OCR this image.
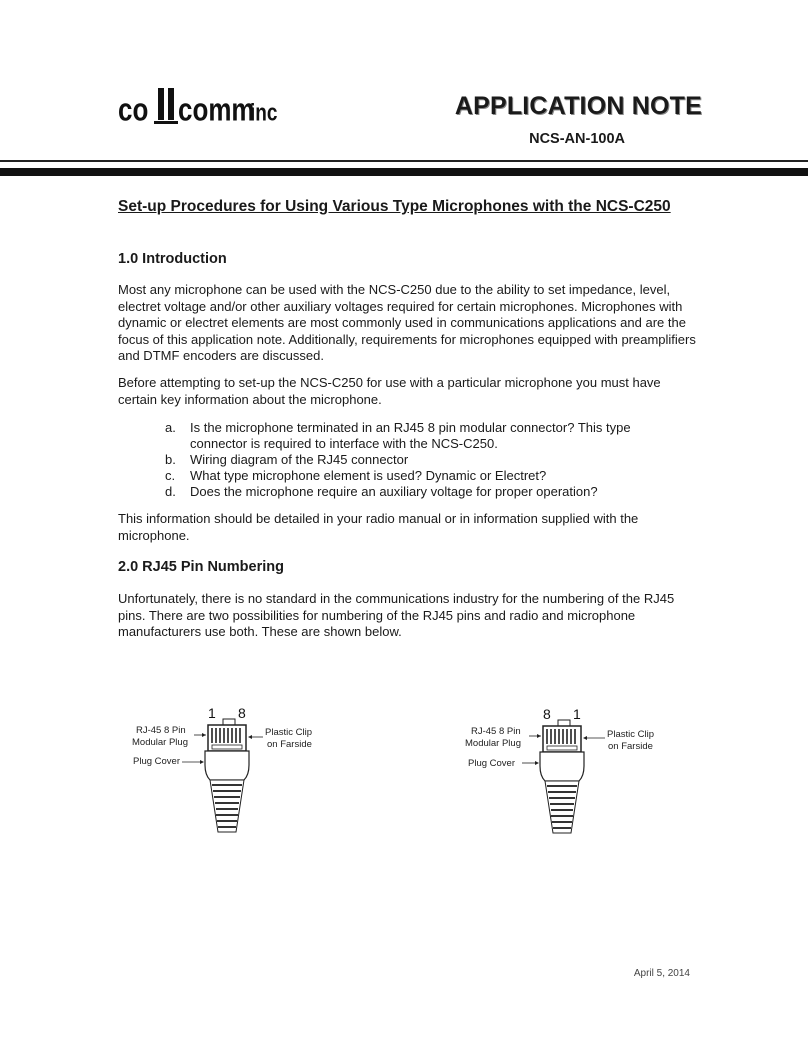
co comm
inc	APPLICATION NOTE
NCS-AN-100A
Set-up Procedures for Using Various Type Microphones with the NCS-C250
1.0 Introduction
Most any microphone can be used with the NCS-C250 due to the ability to set impedance, level, electret voltage and/or other auxiliary voltages required for certain microphones. Microphones with dynamic or electret elements are most commonly used in communications applications and are the focus of this application note. Additionally, requirements for microphones equipped with preamplifiers and DTMF encoders are discussed.
Before attempting to set-up the NCS-C250 for use with a particular microphone you must have certain key information about the microphone.
a.	Is the microphone terminated in an RJ45 8 pin modular connector? This type connector is required to interface with the NCS-C250.
b.	Wiring diagram of the RJ45 connector
c.	What type microphone element is used? Dynamic or Electret?
d.	Does the microphone require an auxiliary voltage for proper operation?
This information should be detailed in your radio manual or in information supplied with the microphone.
2.0 RJ45 Pin Numbering
Unfortunately, there is no standard in the communications industry for the numbering of the RJ45 pins. There are two possibilities for numbering of the RJ45 pins and radio and microphone manufacturers use both. These are shown below.
1 8
RJ-45 8 Pin
Modular Plug
Plug Cover
Plastic Clip
on Farside
8 1
RJ-45 8 Pin
Modular Plug
Plug Cover
Plastic Clip
on Farside
April 5, 2014
